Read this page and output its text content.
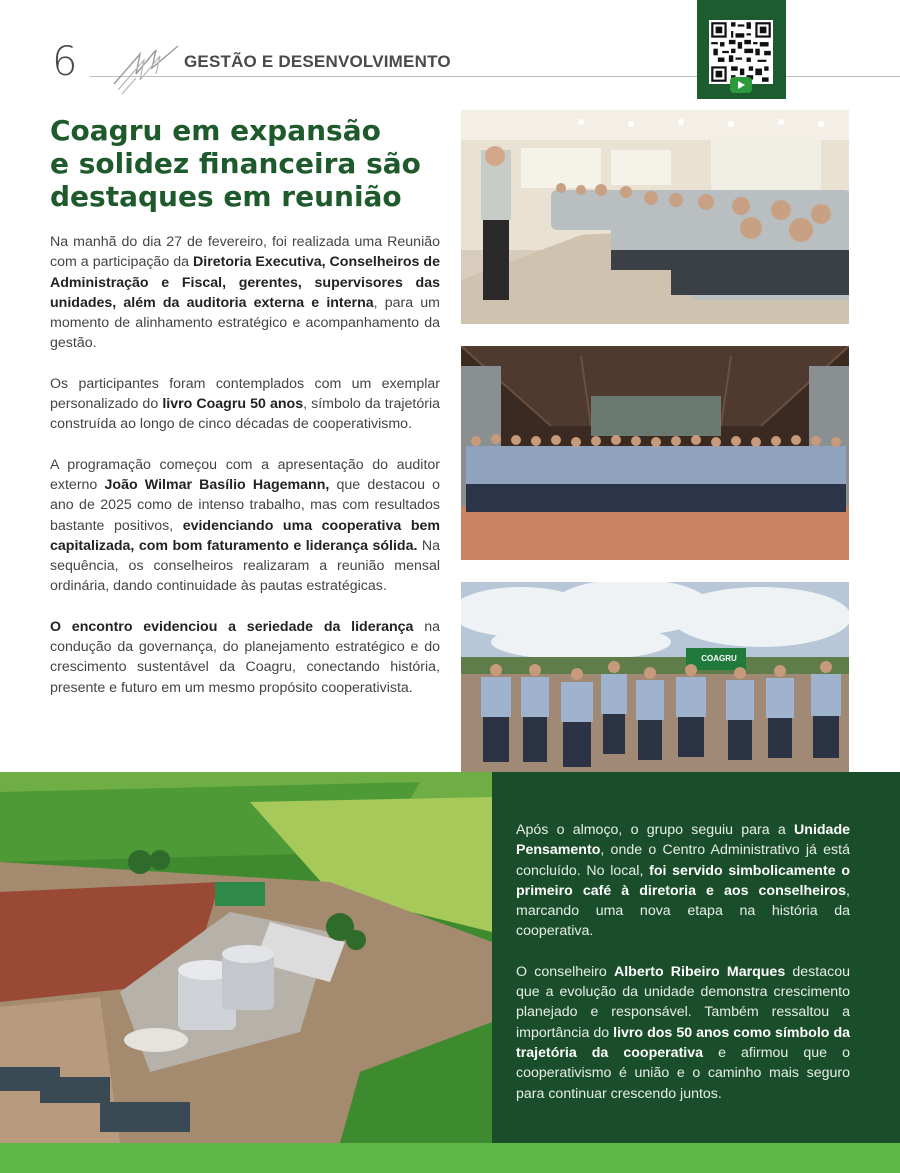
6	GESTÃO E DESENVOLVIMENTO
Coagru em expansão
e solidez financeira são
destaques em reunião

Na manhã do dia 27 de fevereiro, foi realizada uma Reunião com a participação da Diretoria Executiva, Conselheiros de Administração e Fiscal, gerentes, supervisores das unidades, além da auditoria externa e interna, para um momento de alinhamento estratégico e acompanhamento da gestão.

Os participantes foram contemplados com um exemplar personalizado do livro Coagru 50 anos, símbolo da trajetória construída ao longo de cinco décadas de cooperativismo.

A programação começou com a apresentação do auditor externo João Wilmar Basílio Hagemann, que destacou o ano de 2025 como de intenso trabalho, mas com resultados bastante positivos, evidenciando uma cooperativa bem capitalizada, com bom faturamento e liderança sólida. Na sequência, os conselheiros realizaram a reunião mensal ordinária, dando continuidade às pautas estratégicas.

O encontro evidenciou a seriedade da liderança na condução da governança, do planejamento estratégico e do crescimento sustentável da Coagru, conectando história, presente e futuro em um mesmo propósito cooperativista.

COAGRU

Após o almoço, o grupo seguiu para a Unidade Pensamento, onde o Centro Administrativo já está concluído. No local, foi servido simbolicamente o primeiro café à diretoria e aos conselheiros, marcando uma nova etapa na história da cooperativa.

O conselheiro Alberto Ribeiro Marques destacou que a evolução da unidade demonstra crescimento planejado e responsável. Também ressaltou a importância do livro dos 50 anos como símbolo da trajetória da cooperativa e afirmou que o cooperativismo é união e o caminho mais seguro para continuar crescendo juntos.
